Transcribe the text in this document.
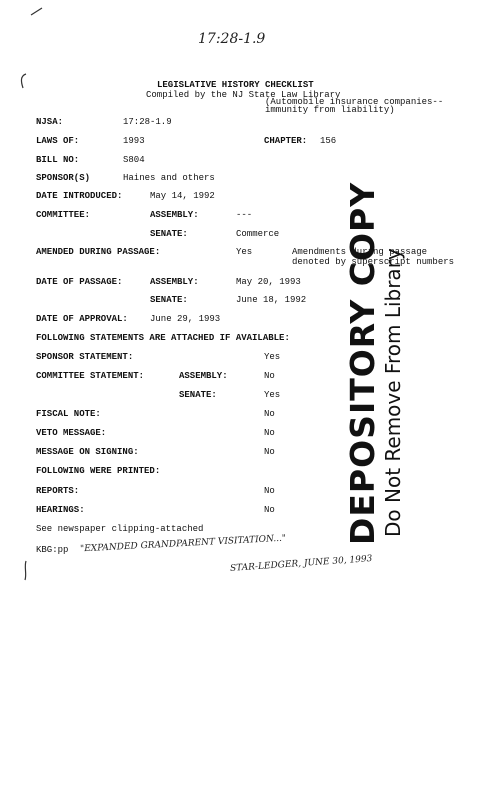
17:28-1.9
LEGISLATIVE HISTORY CHECKLIST
Compiled by the NJ State Law Library
(Automobile insurance companies--
immunity from liability)
NJSA:	17:28-1.9
LAWS OF:	1993	CHAPTER: 156
BILL NO:	S804
SPONSOR(S)	Haines and others
DATE INTRODUCED:	May 14, 1992
COMMITTEE:	ASSEMBLY:	---
SENATE:	Commerce
AMENDED DURING PASSAGE:	Yes	Amendments during passage
denoted by superscript numbers
DATE OF PASSAGE:	ASSEMBLY:	May 20, 1993
SENATE:	June 18, 1992
DATE OF APPROVAL: June 29, 1993
FOLLOWING STATEMENTS ARE ATTACHED IF AVAILABLE:
SPONSOR STATEMENT:	Yes
COMMITTEE STATEMENT:	ASSEMBLY:	No
SENATE:	Yes
FISCAL NOTE:	No
VETO MESSAGE:	No
MESSAGE ON SIGNING:	No
FOLLOWING WERE PRINTED:
REPORTS:	No
HEARINGS:	No
See newspaper clipping-attached
KBG:pp "EXPANDED GRANDPARENT VISITATION..."
STAR-LEDGER, JUNE 30, 1993
DEPOSITORY COPY Do Not Remove From Library
